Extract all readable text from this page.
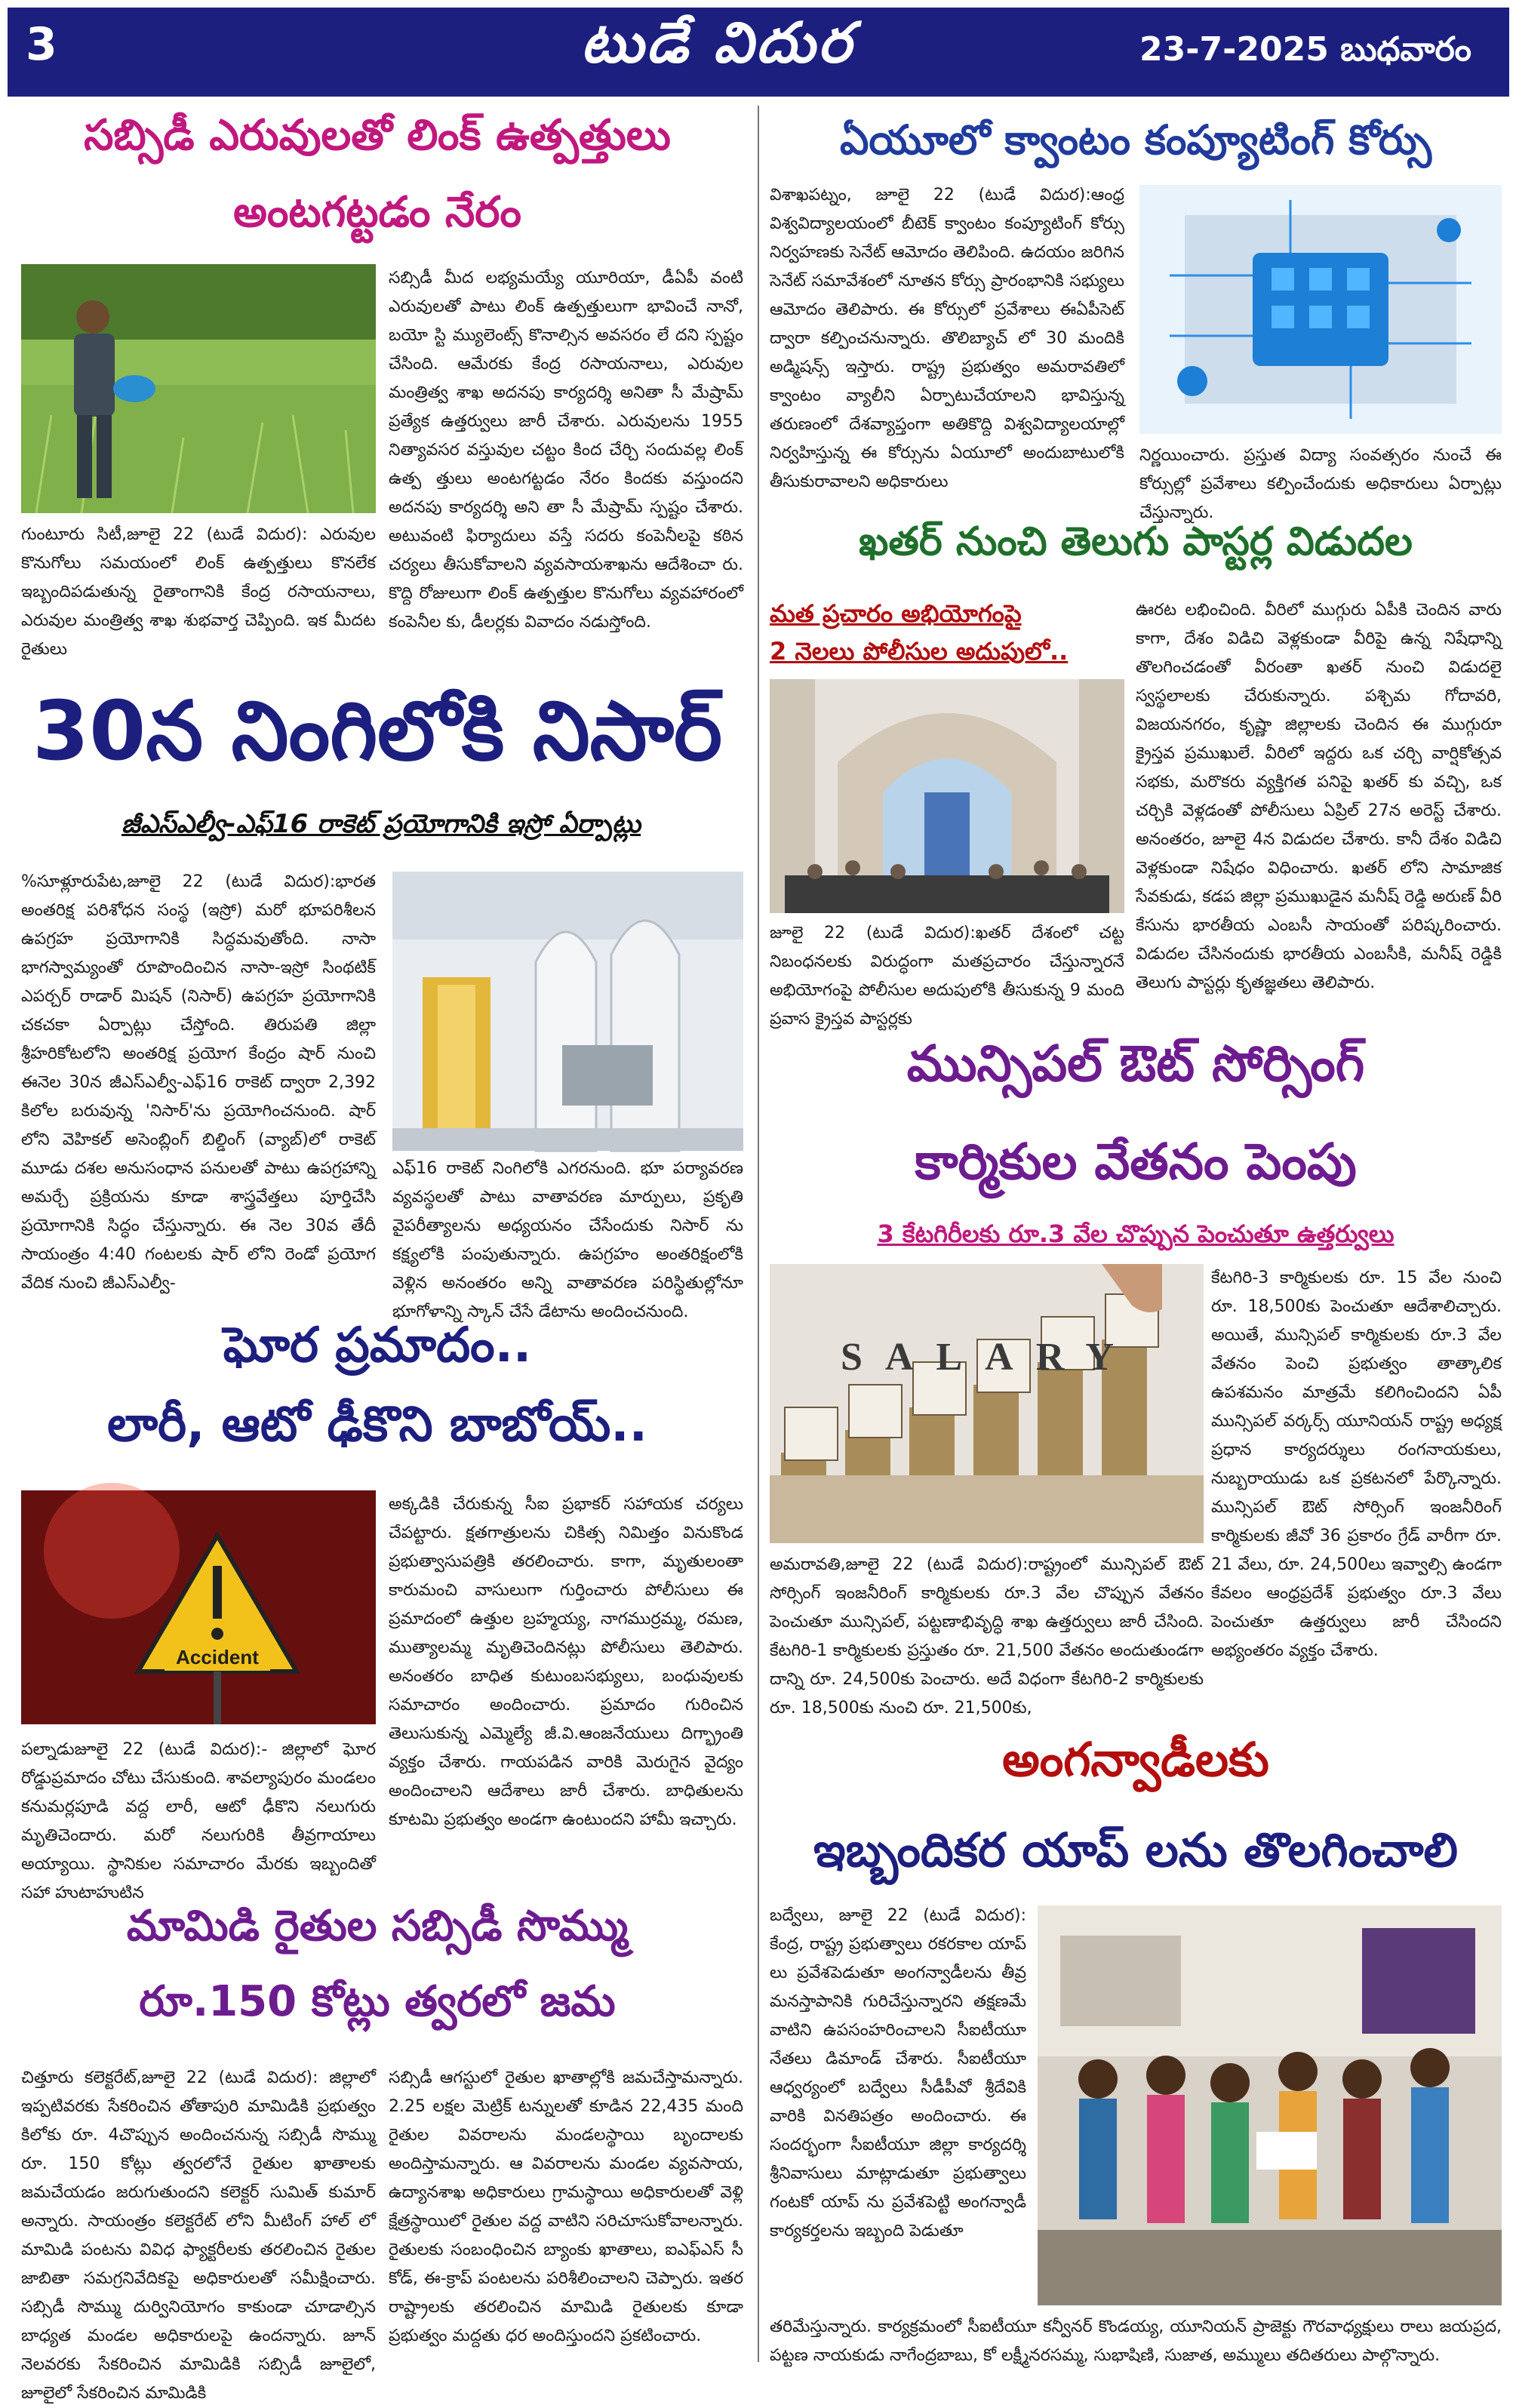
3	టుడే విదుర	23-7-2025 బుధవారం
సబ్సిడీ ఎరువులతో లింక్ ఉత్పత్తులు
అంటగట్టడం నేరం
సబ్సిడీ మీద లభ్యమయ్యే యూరియా, డీఏపీ వంటి ఎరువులతో పాటు లింక్ ఉత్పత్తులుగా భావించే నానో, బయో స్టి మ్యులెంట్స్ కొనాల్సిన అవసరం లే దని స్పష్టం చేసింది. ఆమేరకు కేంద్ర రసాయనాలు, ఎరువుల మంత్రిత్వ శాఖ అదనపు కార్యదర్శి అనితా సీ మేష్రామ్ ప్రత్యేక ఉత్తర్వులు జారీ చేశారు. ఎరువులను 1955 నిత్యావసర వస్తువుల చట్టం కింద చేర్చి సందువల్ల లింక్ ఉత్ప త్తులు అంటగట్టడం నేరం కిందకు వస్తుందని అదనపు కార్యదర్శి అని తా సీ మేష్రామ్ స్పష్టం చేశారు. అటువంటి ఫిర్యాదులు వస్తే సదరు కంపెనీలపై కఠిన చర్యలు తీసుకోవాలని వ్యవసాయశాఖను ఆదేశించా రు. కొద్ది రోజులుగా లింక్ ఉత్పత్తుల కొనుగోలు వ్యవహారంలో కంపెనీల కు, డీలర్లకు వివాదం నడుస్తోంది.
గుంటూరు సిటీ,జూలై 22 (టుడే విదుర): ఎరువుల కొనుగోలు సమయంలో లింక్ ఉత్పత్తులు కొనలేక ఇబ్బందిపడుతున్న రైతాంగానికి కేంద్ర రసాయనాలు, ఎరువుల మంత్రిత్వ శాఖ శుభవార్త చెప్పింది. ఇక మీదట రైతులు
30న నింగిలోకి నిసార్
జీఎస్ఎల్వీ-ఎఫ్16 రాకెట్ ప్రయోగానికి ఇస్రో ఏర్పాట్లు
%సూళ్లూరుపేట,జూలై 22 (టుడే విదుర):భారత అంతరిక్ష పరిశోధన సంస్థ (ఇస్రో) మరో భూపరిశీలన ఉపగ్రహ ప్రయోగానికి సిద్ధమవుతోంది. నాసా భాగస్వామ్యంతో రూపొందించిన నాసా-ఇస్రో సింథటిక్ ఎపర్చర్ రాడార్ మిషన్ (నిసార్) ఉపగ్రహ ప్రయోగానికి చకచకా ఏర్పాట్లు చేస్తోంది. తిరుపతి జిల్లా శ్రీహరికోటలోని అంతరిక్ష ప్రయోగ కేంద్రం షార్ నుంచి ఈనెల 30న జీఎస్ఎల్వీ-ఎఫ్16 రాకెట్ ద్వారా 2,392 కిలోల బరువున్న 'నిసార్'ను ప్రయోగించనుంది. షార్ లోని వెహికల్ అసెంబ్లింగ్ బిల్డింగ్ (వ్యాబ్)లో రాకెట్ మూడు దశల అనుసంధాన పనులతో పాటు ఉపగ్రహాన్ని అమర్చే ప్రక్రియను కూడా శాస్త్రవేత్తలు పూర్తిచేసి ప్రయోగానికి సిద్ధం చేస్తున్నారు. ఈ నెల 30వ తేదీ సాయంత్రం 4:40 గంటలకు షార్ లోని రెండో ప్రయోగ వేదిక నుంచి జీఎస్ఎల్వీ-
ఎఫ్16 రాకెట్ నింగిలోకి ఎగరనుంది. భూ పర్యావరణ వ్యవస్థలతో పాటు వాతావరణ మార్పులు, ప్రకృతి వైపరీత్యాలను అధ్యయనం చేసేందుకు నిసార్ ను కక్ష్యలోకి పంపుతున్నారు. ఉపగ్రహం అంతరిక్షంలోకి వెళ్లిన అనంతరం అన్ని వాతావరణ పరిస్థితుల్లోనూ భూగోళాన్ని స్కాన్ చేసే డేటాను అందించనుంది.
ఘోర ప్రమాదం..
లారీ, ఆటో ఢీకొని బాబోయ్..
Accident
అక్కడికి చేరుకున్న సీఐ ప్రభాకర్ సహాయక చర్యలు చేపట్టారు. క్షతగాత్రులను చికిత్స నిమిత్తం వినుకొండ ప్రభుత్వాసుపత్రికి తరలించారు. కాగా, మృతులంతా కారుమంచి వాసులుగా గుర్తించారు పోలీసులు ఈ ప్రమాదంలో ఉత్తుల బ్రహ్మయ్య, నాగముర్రమ్మ, రమణ, ముత్యాలమ్మ మృతిచెందినట్లు పోలీసులు తెలిపారు. అనంతరం బాధిత కుటుంబసభ్యులు, బంధువులకు సమాచారం అందించారు. ప్రమాదం గురించిన తెలుసుకున్న ఎమ్మెల్యే జీ.వి.ఆంజనేయులు దిగ్భ్రాంతి వ్యక్తం చేశారు. గాయపడిన వారికి మెరుగైన వైద్యం అందించాలని ఆదేశాలు జారీ చేశారు. బాధితులను కూటమి ప్రభుత్వం అండగా ఉంటుందని హామీ ఇచ్చారు.
పల్నాడుజూలై 22 (టుడే విదుర):- జిల్లాలో ఘోర రోడ్డుప్రమాదం చోటు చేసుకుంది. శావల్యాపురం మండలం కనుమర్లపూడి వద్ద లారీ, ఆటో ఢీకొని నలుగురు మృతిచెందారు. మరో నలుగురికి తీవ్రగాయాలు అయ్యాయి. స్థానికుల సమాచారం మేరకు ఇబ్బందితో సహా హుటాహుటిన
మామిడి రైతుల సబ్సిడీ సొమ్ము
రూ.150 కోట్లు త్వరలో జమ
చిత్తూరు కలెక్టరేట్,జూలై 22 (టుడే విదుర): జిల్లాలో ఇప్పటివరకు సేకరించిన తోతాపురి మామిడికి ప్రభుత్వం కిలోకు రూ. 4చొప్పున అందించనున్న సబ్సిడీ సొమ్ము రూ. 150 కోట్లు త్వరలోనే రైతుల ఖాతాలకు జమచేయడం జరుగుతుందని కలెక్టర్ సుమిత్ కుమార్ అన్నారు. సాయంత్రం కలెక్టరేట్ లోని మీటింగ్ హాల్ లో మామిడి పంటను వివిధ ఫ్యాక్టరీలకు తరలించిన రైతుల జాబితా సమగ్రనివేదికపై అధికారులతో సమీక్షించారు. సబ్సిడీ సొమ్ము దుర్వినియోగం కాకుండా చూడాల్సిన బాధ్యత మండల అధికారులపై ఉందన్నారు. జూన్ నెలవరకు సేకరించిన మామిడికి సబ్సిడీ జూలైలో, జూలైలో సేకరించిన మామిడికి
సబ్సిడీ ఆగస్టులో రైతుల ఖాతాల్లోకి జమచేస్తామన్నారు. 2.25 లక్షల మెట్రిక్ టన్నులతో కూడిన 22,435 మంది రైతుల వివరాలను మండలస్థాయి బృందాలకు అందిస్తామన్నారు. ఆ వివరాలను మండల వ్యవసాయ, ఉద్యానశాఖ అధికారులు గ్రామస్థాయి అధికారులతో వెళ్లి క్షేత్రస్థాయిలో రైతుల వద్ద వాటిని సరిచూసుకోవాలన్నారు. రైతులకు సంబంధించిన బ్యాంకు ఖాతాలు, ఐఎఫ్ఎస్ సీ కోడ్, ఈ-క్రాప్ పంటలను పరిశీలించాలని చెప్పారు. ఇతర రాష్ట్రాలకు తరలించిన మామిడి రైతులకు కూడా ప్రభుత్వం మద్దతు ధర అందిస్తుందని ప్రకటించారు.
ఏయూలో క్వాంటం కంప్యూటింగ్ కోర్సు
విశాఖపట్నం, జూలై 22 (టుడే విదుర):ఆంధ్ర విశ్వవిద్యాలయంలో బీటెక్ క్వాంటం కంప్యూటింగ్ కోర్సు నిర్వహణకు సెనేట్ ఆమోదం తెలిపింది. ఉదయం జరిగిన సెనేట్ సమావేశంలో నూతన కోర్సు ప్రారంభానికి సభ్యులు ఆమోదం తెలిపారు. ఈ కోర్సులో ప్రవేశాలు ఈఏపీసెట్ ద్వారా కల్పించనున్నారు. తొలిబ్యాచ్ లో 30 మందికి అడ్మిషన్స్ ఇస్తారు. రాష్ట్ర ప్రభుత్వం అమరావతిలో క్వాంటం వ్యాలీని ఏర్పాటుచేయాలని భావిస్తున్న తరుణంలో దేశవ్యాప్తంగా అతికొద్ది విశ్వవిద్యాలయాల్లో నిర్వహిస్తున్న ఈ కోర్సును ఏయూలో అందుబాటులోకి తీసుకురావాలని అధికారులు
నిర్ణయించారు. ప్రస్తుత విద్యా సంవత్సరం నుంచే ఈ కోర్సుల్లో ప్రవేశాలు కల్పించేందుకు అధికారులు ఏర్పాట్లు చేస్తున్నారు.
ఖతర్ నుంచి తెలుగు పాస్టర్ల విడుదల
మత ప్రచారం అభియోగంపై
2 నెలలు పోలీసుల అదుపులో..
ఊరట లభించింది. వీరిలో ముగ్గురు ఏపీకి చెందిన వారు కాగా, దేశం విడిచి వెళ్లకుండా వీరిపై ఉన్న నిషేధాన్ని తొలగించడంతో వీరంతా ఖతర్ నుంచి విడుదలై స్వస్థలాలకు చేరుకున్నారు. పశ్చిమ గోదావరి, విజయనగరం, కృష్ణా జిల్లాలకు చెందిన ఈ ముగ్గురూ క్రైస్తవ ప్రముఖులే. వీరిలో ఇద్దరు ఒక చర్చి వార్షికోత్సవ సభకు, మరొకరు వ్యక్తిగత పనిపై ఖతర్ కు వచ్చి, ఒక చర్చికి వెళ్లడంతో పోలీసులు ఏప్రిల్ 27న అరెస్ట్ చేశారు. అనంతరం, జూలై 4న విడుదల చేశారు. కానీ దేశం విడిచి వెళ్లకుండా నిషేధం విధించారు. ఖతర్ లోని సామాజిక సేవకుడు, కడప జిల్లా ప్రముఖుడైన మనీష్ రెడ్డి అరుణ్ వీరి కేసును భారతీయ ఎంబసీ సాయంతో పరిష్కరించారు. విడుదల చేసినందుకు భారతీయ ఎంబసీకి, మనీష్ రెడ్డికి తెలుగు పాస్టర్లు కృతజ్ఞతలు తెలిపారు.
జూలై 22 (టుడే విదుర):ఖతర్ దేశంలో చట్ట నిబంధనలకు విరుద్ధంగా మతప్రచారం చేస్తున్నారనే అభియోగంపై పోలీసుల అదుపులోకి తీసుకున్న 9 మంది ప్రవాస క్రైస్తవ పాస్టర్లకు
మున్సిపల్ ఔట్ సోర్సింగ్
కార్మికుల వేతనం పెంపు
3 కేటగిరీలకు రూ.3 వేల చొప్పున పెంచుతూ ఉత్తర్వులు
SALARY
కేటగిరి-3 కార్మికులకు రూ. 15 వేల నుంచి రూ. 18,500కు పెంచుతూ ఆదేశాలిచ్చారు. అయితే, మున్సిపల్ కార్మికులకు రూ.3 వేల వేతనం పెంచి ప్రభుత్వం తాత్కాలిక ఉపశమనం మాత్రమే కలిగించిందని ఏపీ మున్సిపల్ వర్కర్స్ యూనియన్ రాష్ట్ర అధ్యక్ష ప్రధాన కార్యదర్శులు రంగనాయకులు, నుబ్బరాయుడు ఒక ప్రకటనలో పేర్కొన్నారు. మున్సిపల్ ఔట్ సోర్సింగ్ ఇంజనీరింగ్ కార్మికులకు జీవో 36 ప్రకారం గ్రేడ్ వారీగా రూ. 21 వేలు, రూ. 24,500లు ఇవ్వాల్సి ఉండగా కేవలం ఆంధ్రప్రదేశ్ ప్రభుత్వం రూ.3 వేలు పెంచుతూ ఉత్తర్వులు జారీ చేసిందని అభ్యంతరం వ్యక్తం చేశారు.
అమరావతి,జూలై 22 (టుడే విదుర):రాష్ట్రంలో మున్సిపల్ ఔట్ సోర్సింగ్ ఇంజనీరింగ్ కార్మికులకు రూ.3 వేల చొప్పున వేతనం పెంచుతూ మున్సిపల్, పట్టణాభివృద్ధి శాఖ ఉత్తర్వులు జారీ చేసింది. కేటగిరి-1 కార్మికులకు ప్రస్తుతం రూ. 21,500 వేతనం అందుతుండగా దాన్ని రూ. 24,500కు పెంచారు. అదే విధంగా కేటగిరి-2 కార్మికులకు రూ. 18,500కు నుంచి రూ. 21,500కు,
అంగన్వాడీలకు
ఇబ్బందికర యాప్ లను తొలగించాలి
బద్వేలు, జూలై 22 (టుడే విదుర): కేంద్ర, రాష్ట్ర ప్రభుత్వాలు రకరకాల యాప్ లు ప్రవేశపెడుతూ అంగన్వాడీలను తీవ్ర మనస్తాపానికి గురిచేస్తున్నారని తక్షణమే వాటిని ఉపసంహరించాలని సీఐటీయూ నేతలు డిమాండ్ చేశారు. సీఐటీయూ ఆధ్వర్యంలో బద్వేలు సీడీపీవో శ్రీదేవికి వారికి వినతిపత్రం అందించారు. ఈ సందర్భంగా సీఐటీయూ జిల్లా కార్యదర్శి శ్రీనివాసులు మాట్లాడుతూ ప్రభుత్వాలు గంటకో యాప్ ను ప్రవేశపెట్టి అంగన్వాడీ కార్యకర్తలను ఇబ్బంది పెడుతూ
తరిమేస్తున్నారు. కార్యక్రమంలో సీఐటీయూ కన్వీనర్ కొండయ్య, యూనియన్ ప్రాజెక్టు గౌరవాధ్యక్షులు రాలు జయప్రద, పట్టణ నాయకుడు నాగేంద్రబాబు, కో లక్ష్మీనరసమ్మ, సుభాషిణి, సుజాత, అమ్ములు తదితరులు పాల్గొన్నారు.
